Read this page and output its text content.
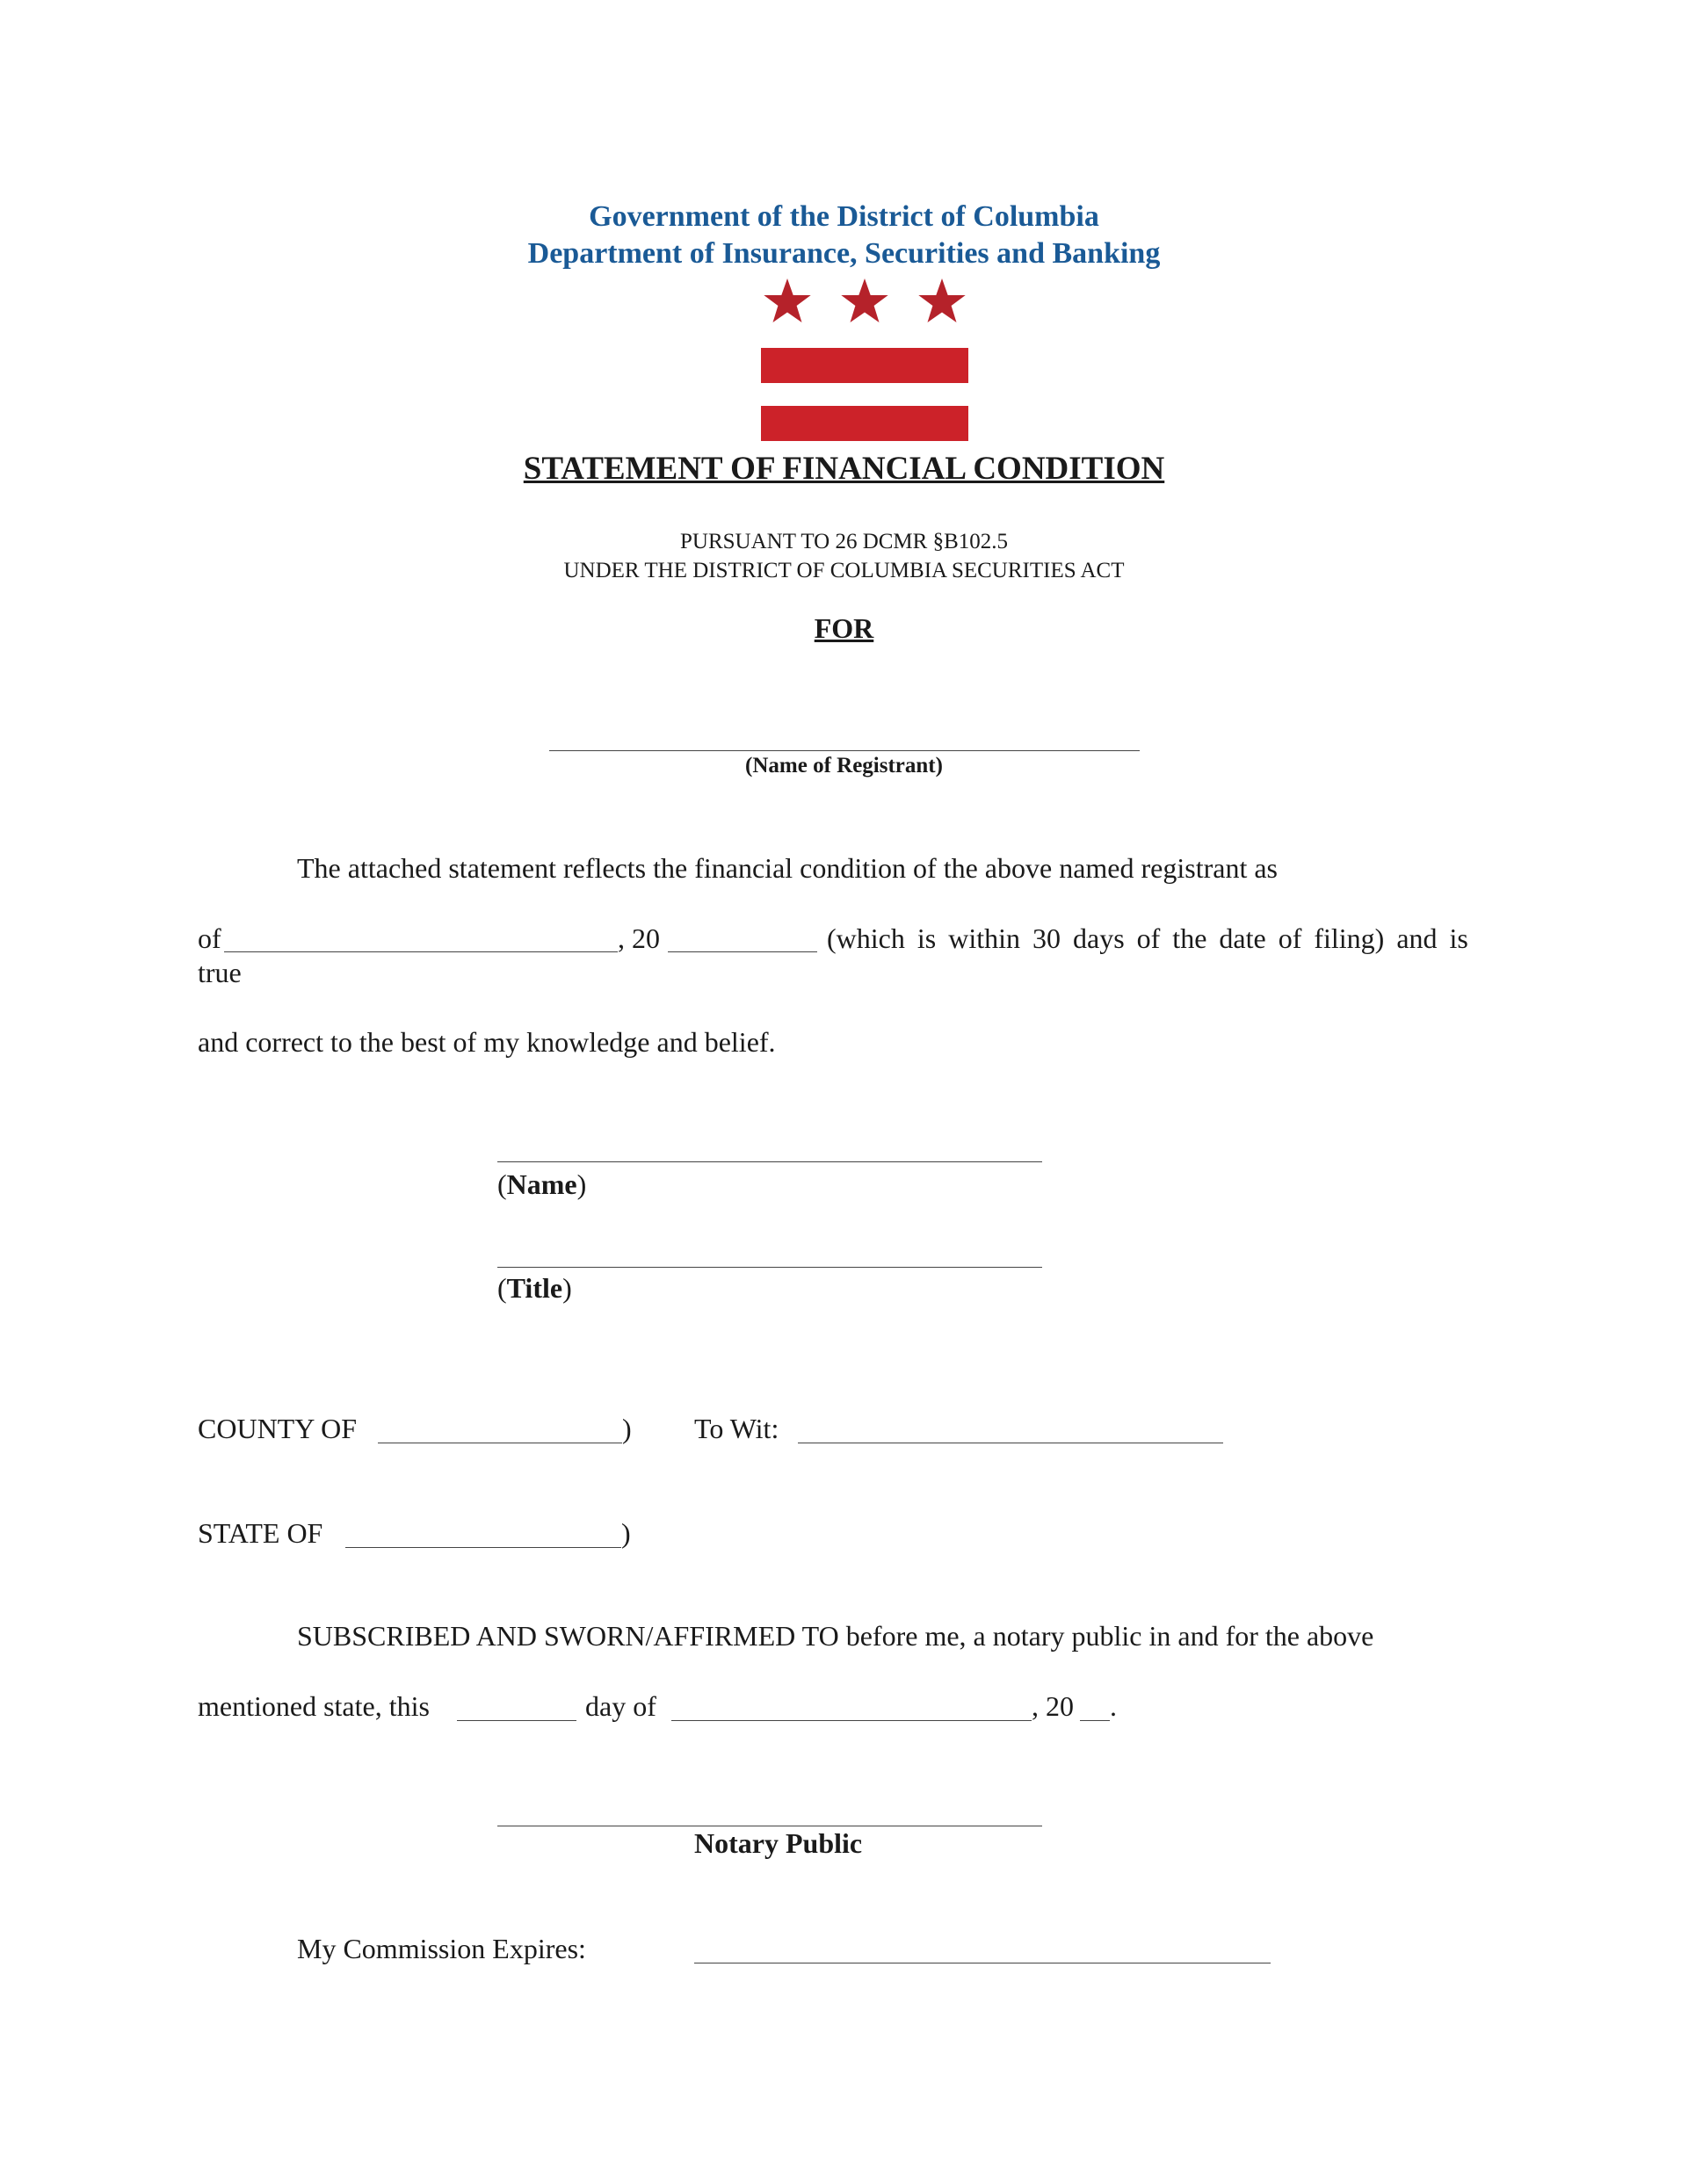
Government of the District of Columbia
Department of Insurance, Securities and Banking
STATEMENT OF FINANCIAL CONDITION
PURSUANT TO 26 DCMR §B102.5
UNDER THE DISTRICT OF COLUMBIA SECURITIES ACT
FOR
(Name of Registrant)
The attached statement reflects the financial condition of the above named registrant as
of	, 20	(which is within 30 days of the date of filing) and is
true
and correct to the best of my knowledge and belief.
(Name)
(Title)
COUNTY OF	) To Wit:
STATE OF	)
SUBSCRIBED AND SWORN/AFFIRMED TO before me, a notary public in and for the above
mentioned state, this	day of	, 20 .
Notary Public
My Commission Expires:
